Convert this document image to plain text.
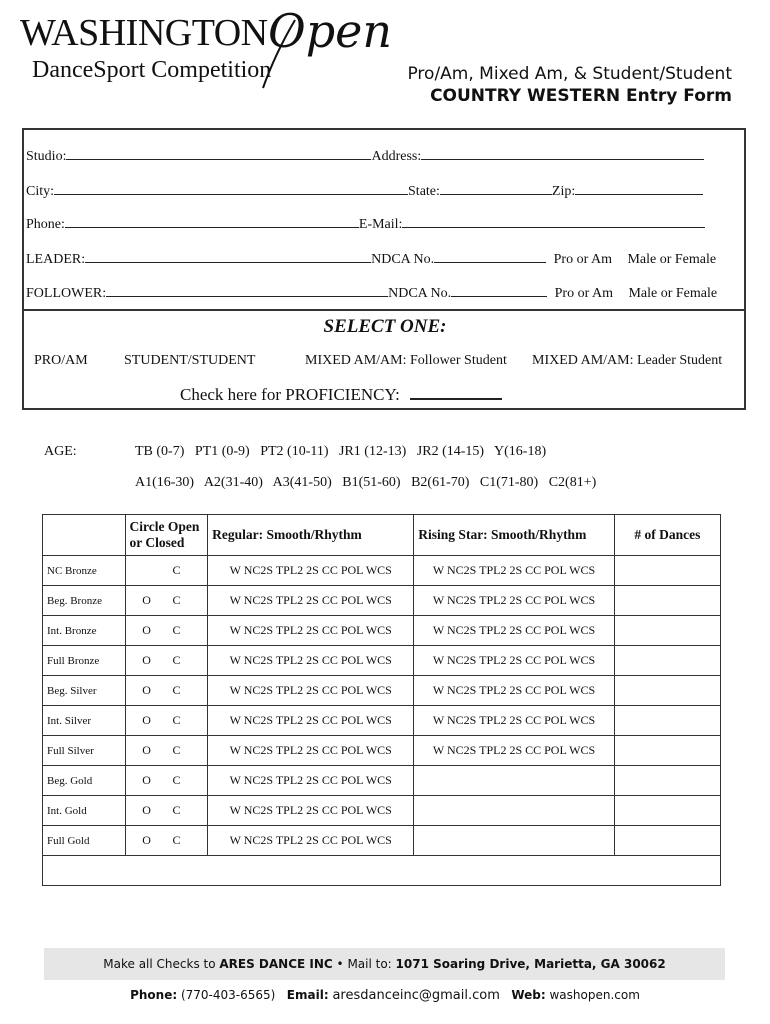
WASHINGTON Open
DanceSport Competition	Pro/Am, Mixed Am, & Student/Student
COUNTRY WESTERN Entry Form
Studio:	Address:
City:	State:	Zip:
Phone:	E-Mail:
LEADER:	NDCA No.	Pro or Am Male or Female
FOLLOWER:	NDCA No.	Pro or Am Male or Female
SELECT ONE:
PRO/AM	STUDENT/STUDENT	MIXED AM/AM: Follower Student MIXED AM/AM: Leader Student
Check here for PROFICIENCY:
AGE:	TB (0-7)   PT1 (0-9)   PT2 (10-11)   JR1 (12-13)   JR2 (14-15)   Y(16-18)
A1(16-30)   A2(31-40)   A3(41-50)   B1(51-60)   B2(61-70)   C1(71-80)   C2(81+)
	Circle Open or Closed	Regular: Smooth/Rhythm	Rising Star: Smooth/Rhythm	# of Dances
NC Bronze	C	W NC2S TPL2 2S CC POL WCS	W NC2S TPL2 2S CC POL WCS	
Beg. Bronze	O C	W NC2S TPL2 2S CC POL WCS	W NC2S TPL2 2S CC POL WCS	
Int. Bronze	O C	W NC2S TPL2 2S CC POL WCS	W NC2S TPL2 2S CC POL WCS	
Full Bronze	O C	W NC2S TPL2 2S CC POL WCS	W NC2S TPL2 2S CC POL WCS	
Beg. Silver	O C	W NC2S TPL2 2S CC POL WCS	W NC2S TPL2 2S CC POL WCS	
Int. Silver	O C	W NC2S TPL2 2S CC POL WCS	W NC2S TPL2 2S CC POL WCS	
Full Silver	O C	W NC2S TPL2 2S CC POL WCS	W NC2S TPL2 2S CC POL WCS	
Beg. Gold	O C	W NC2S TPL2 2S CC POL WCS		
Int. Gold	O C	W NC2S TPL2 2S CC POL WCS		
Full Gold	O C	W NC2S TPL2 2S CC POL WCS		

Make all Checks to ARES DANCE INC • Mail to: 1071 Soaring Drive, Marietta, GA 30062
Phone: (770-403-6565) Email: aresdanceinc@gmail.com Web: washopen.com
